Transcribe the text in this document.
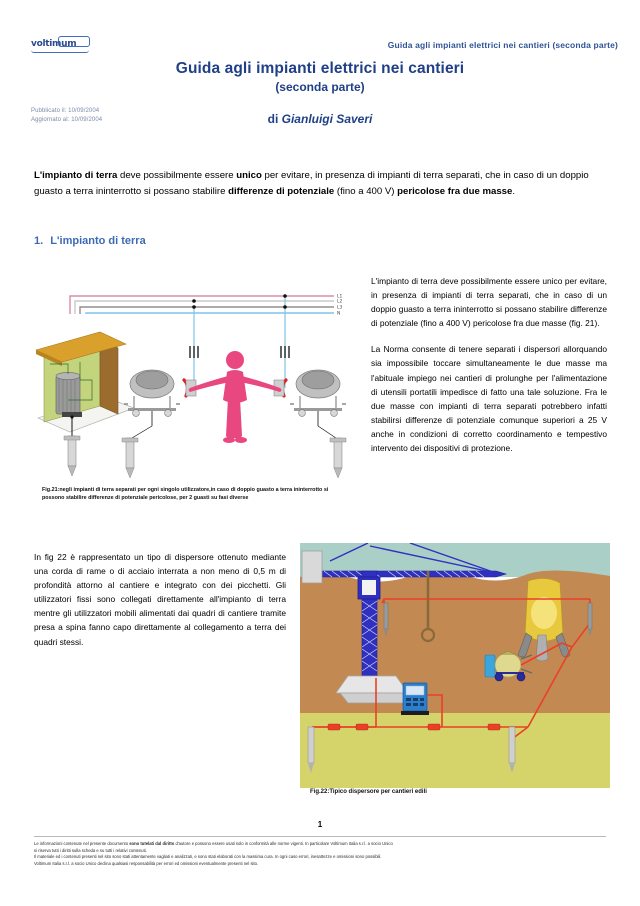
voltimum	Guida agli impianti elettrici nei cantieri (seconda parte)
Guida agli impianti elettrici nei cantieri
(seconda parte)
Pubblicato il: 10/09/2004
Aggiornato al: 10/09/2004	di Gianluigi Saveri
L'impianto di terra deve possibilmente essere unico per evitare, in presenza di impianti di terra separati, che in caso di un doppio guasto a terra ininterrotto si possano stabilire differenze di potenziale (fino a 400 V) pericolose fra due masse.
1. L'impianto di terra
L1
L2
L3
N
Fig.21:negli impianti di terra separati per ogni singolo utilizzatore,in caso di doppio guasto a terra ininterrotto si possono stabilire differenze di potenziale pericolose, per 2 guasti su fasi diverse

L'impianto di terra deve possibilmente essere unico per evitare, in presenza di impianti di terra separati, che in caso di un doppio guasto a terra ininterrotto si possano stabilire differenze di potenziale (fino a 400 V) pericolose fra due masse (fig. 21).

La Norma consente di tenere separati i dispersori allorquando sia impossibile toccare simultaneamente le due masse ma l'abituale impiego nei cantieri di prolunghe per l'alimentazione di utensili portatili impedisce di fatto una tale soluzione. Fra le due masse con impianti di terra separati potrebbero infatti stabilirsi differenze di potenziale comunque superiori a 25 V anche in condizioni di corretto coordinamento e tempestivo intervento dei dispositivi di protezione.

In fig 22 è rappresentato un tipo di dispersore ottenuto mediante una corda di rame o di acciaio interrata a non meno di 0,5 m di profondità attorno al cantiere e integrato con dei picchetti. Gli utilizzatori fissi sono collegati direttamente all'impianto di terra mentre gli utilizzatori mobili alimentati dai quadri di cantiere tramite presa a spina fanno capo direttamente al collegamento a terra dei quadri stessi.
Fig.22:Tipico dispersore per cantieri edili
1
Le informazioni contenute nel presente documento sono tutelati dal diritto d'autore e possono essere usati solo in conformità alle norme vigenti. In particolare Voltimum Italia s.r.l. a socio Unico
si riserva tutti i diritti sulla scheda e su tutti i relativi contenuti.
Il materiale ed i contenuti presenti nel sito sono stati attentamente vagliati e analizzati, e sono stati elaborati con la massima cura. In ogni caso errori, inesattezze e omissioni sono possibili.
Voltimum Italia s.r.l. a socio Unico declina qualsiasi responsabilità per errori ed omissioni eventualmente presenti nel sito.
